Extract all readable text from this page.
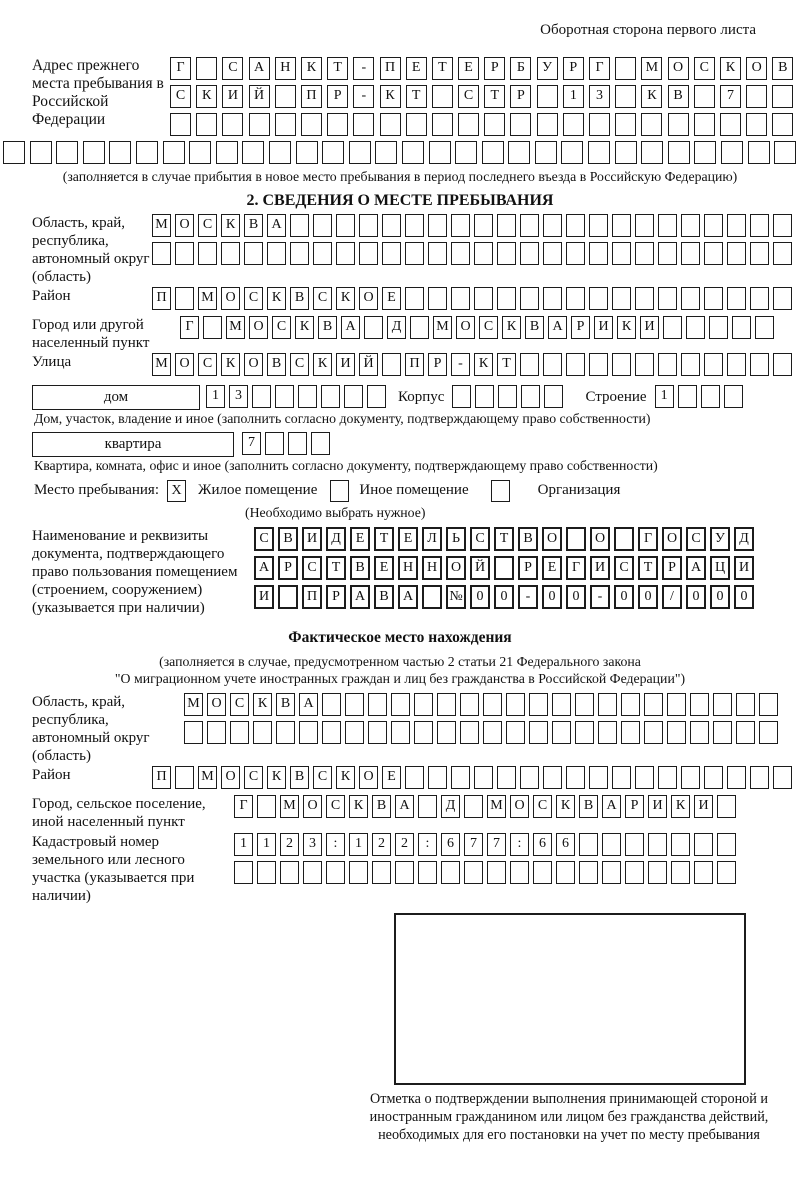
Оборотная сторона первого листа
Адрес прежнего места пребывания в Российской Федерации
Г	С	А	Н	К	Т	-	П	Е	Т	Е	Р	Б	У	Р	Г	М	О	С	К	О	В
С	К	И	Й	П	Р	-	К	Т	С	Т	Р	1	3	К	В	7
(заполняется в случае прибытия в новое место пребывания в период последнего въезда в Российскую Федерацию)
2. СВЕДЕНИЯ О МЕСТЕ ПРЕБЫВАНИЯ
Область, край, республика, автономный округ (область)
М О С К В А
Район	П	М О С К В С К О Е
Город или другой населенный пункт
Г	М О С К В А	Д	М О С К В А	Р	И К И
Улица	М О С К О В С К И Й	П	Р	-	К	Т
дом	1	3	Корпус	Строение	1
Дом, участок, владение и иное (заполнить согласно документу, подтверждающему право собственности)
квартира	7
Квартира, комната, офис и иное (заполнить согласно документу, подтверждающему право собственности)
Место пребывания: X Жилое помещение	Иное помещение	Организация
(Необходимо выбрать нужное)
Наименование и реквизиты документа, подтверждающего право пользования помещением (строением, сооружением) (указывается при наличии)
С	В	И	Д	Е	Т	Е	Л	Ь	С	Т	В	О	О	Г	О	С	У	Д
А	Р	С	Т	В	Е	Н Н О Й	Р	Е	Г	И	С	Т	Р	А Ц И
И	П	Р	А	В	А	№ 0	0	-	0	0	-	0	0	/	0	0	0
Фактическое место нахождения
(заполняется в случае, предусмотренном частью 2 статьи 21 Федерального закона
"О миграционном учете иностранных граждан и лиц без гражданства в Российской Федерации")
Область, край, республика, автономный округ (область)
М О С К В А
Район	П	М О С К В С К О Е
Город, сельское поселение, иной населенный пункт
Г	М О С К В А	Д	М О С К В А	Р	И К И
Кадастровый номер земельного или лесного участка (указывается при наличии)
1	1	2	3	:	1	2	2	:	6	7	7	:	6	6
Отметка о подтверждении выполнения принимающей стороной и иностранным гражданином или лицом без гражданства действий, необходимых для его постановки на учет по месту пребывания
